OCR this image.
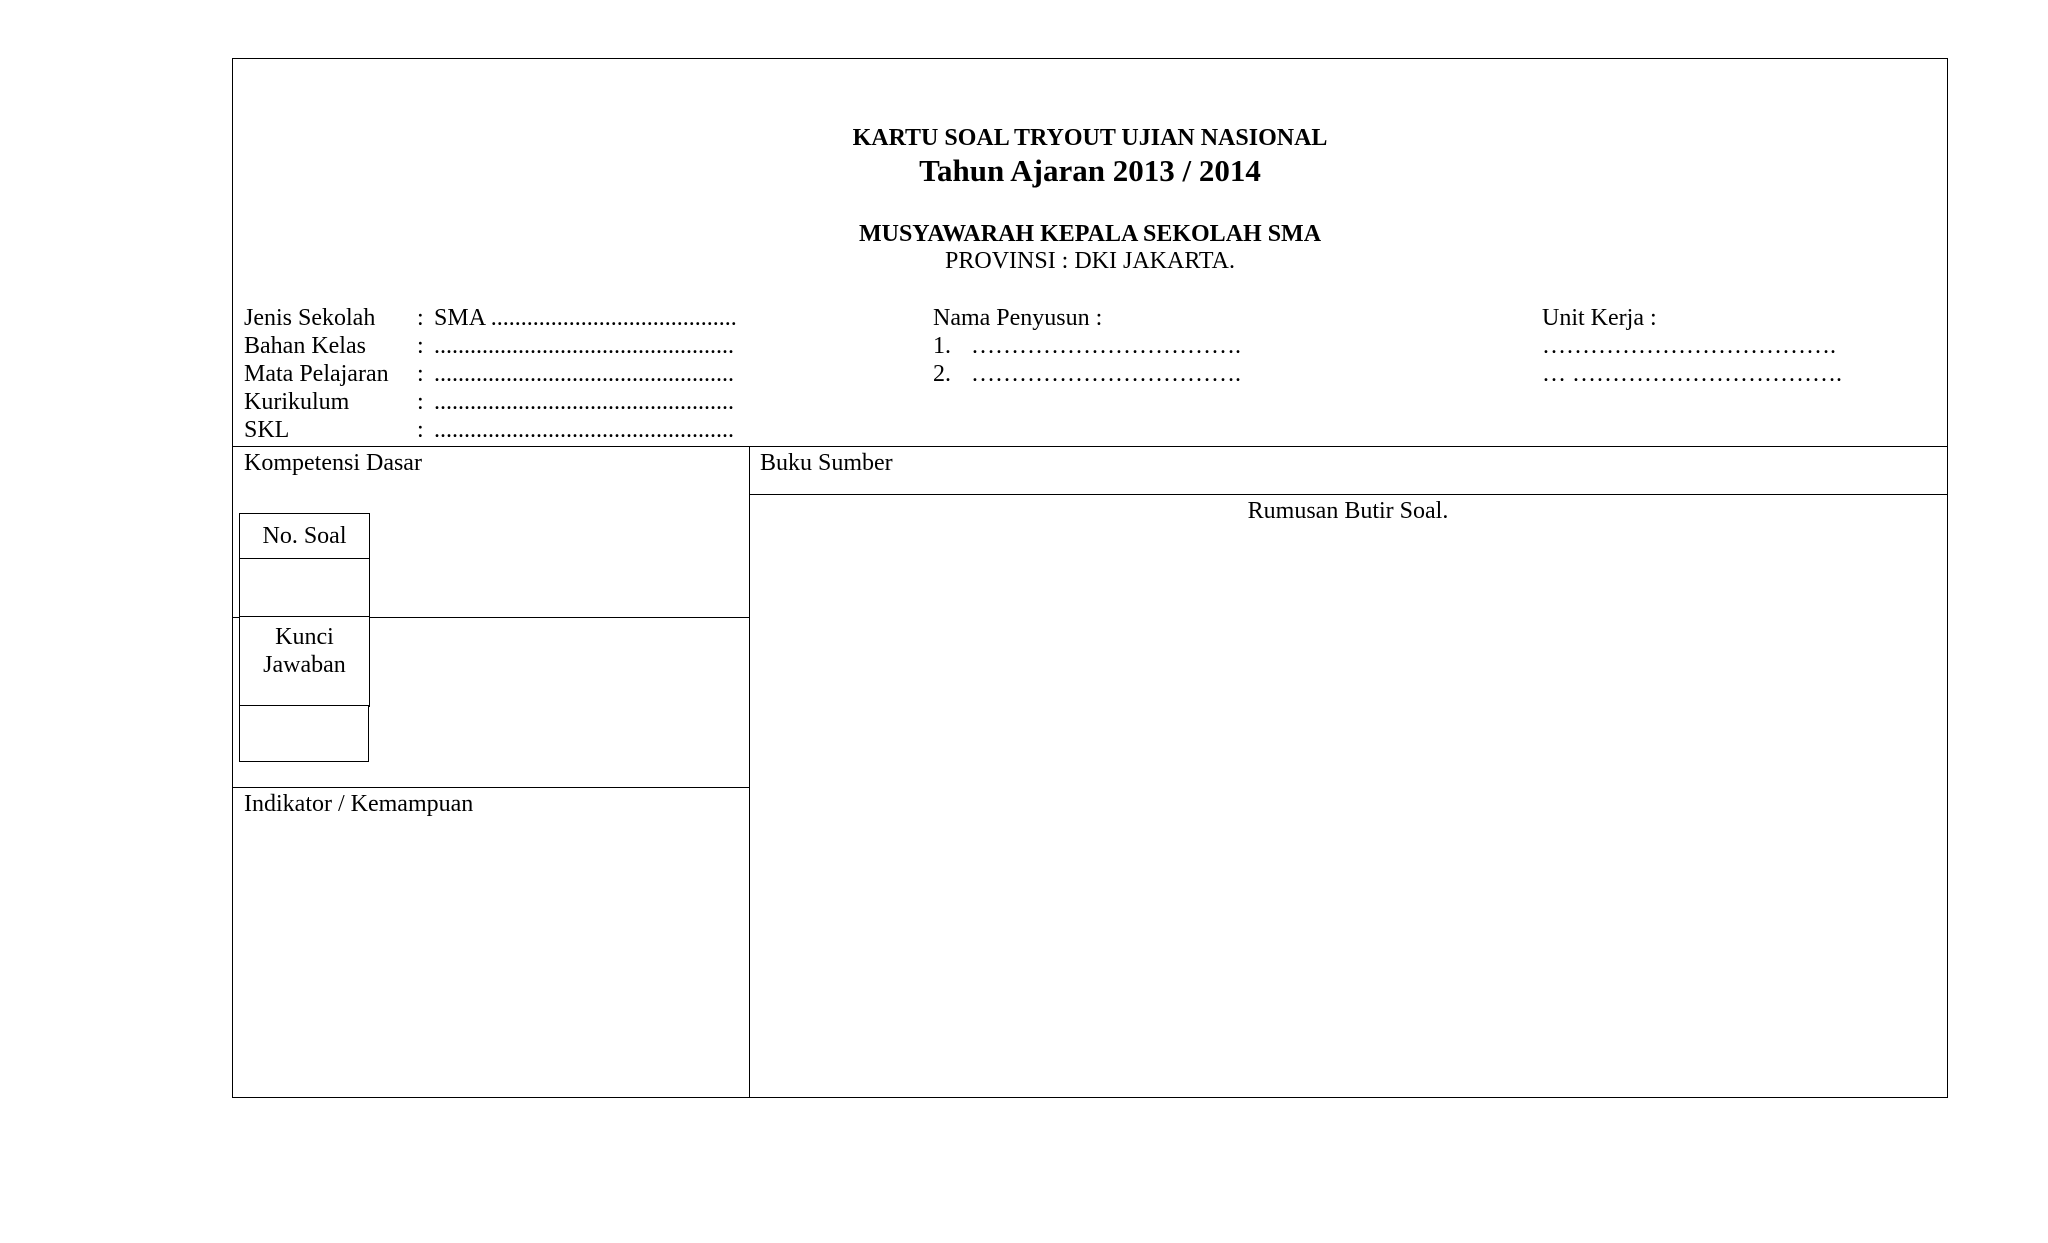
KARTU SOAL TRYOUT UJIAN NASIONAL
Tahun Ajaran 2013 / 2014
MUSYAWARAH KEPALA SEKOLAH SMA
PROVINSI : DKI JAKARTA.
Jenis Sekolah : SMA .........................................
Bahan Kelas : ..................................................
Mata Pelajaran : ..................................................
Kurikulum	: ..................................................
SKL	: ..................................................
Nama Penyusun :
1. …………………………….
2. …………………………….
Unit Kerja :
……………………………….
… …………………………….
Kompetensi Dasar	Buku Sumber
Rumusan Butir Soal.
Indikator / Kemampuan
No. Soal
Kunci
Jawaban
